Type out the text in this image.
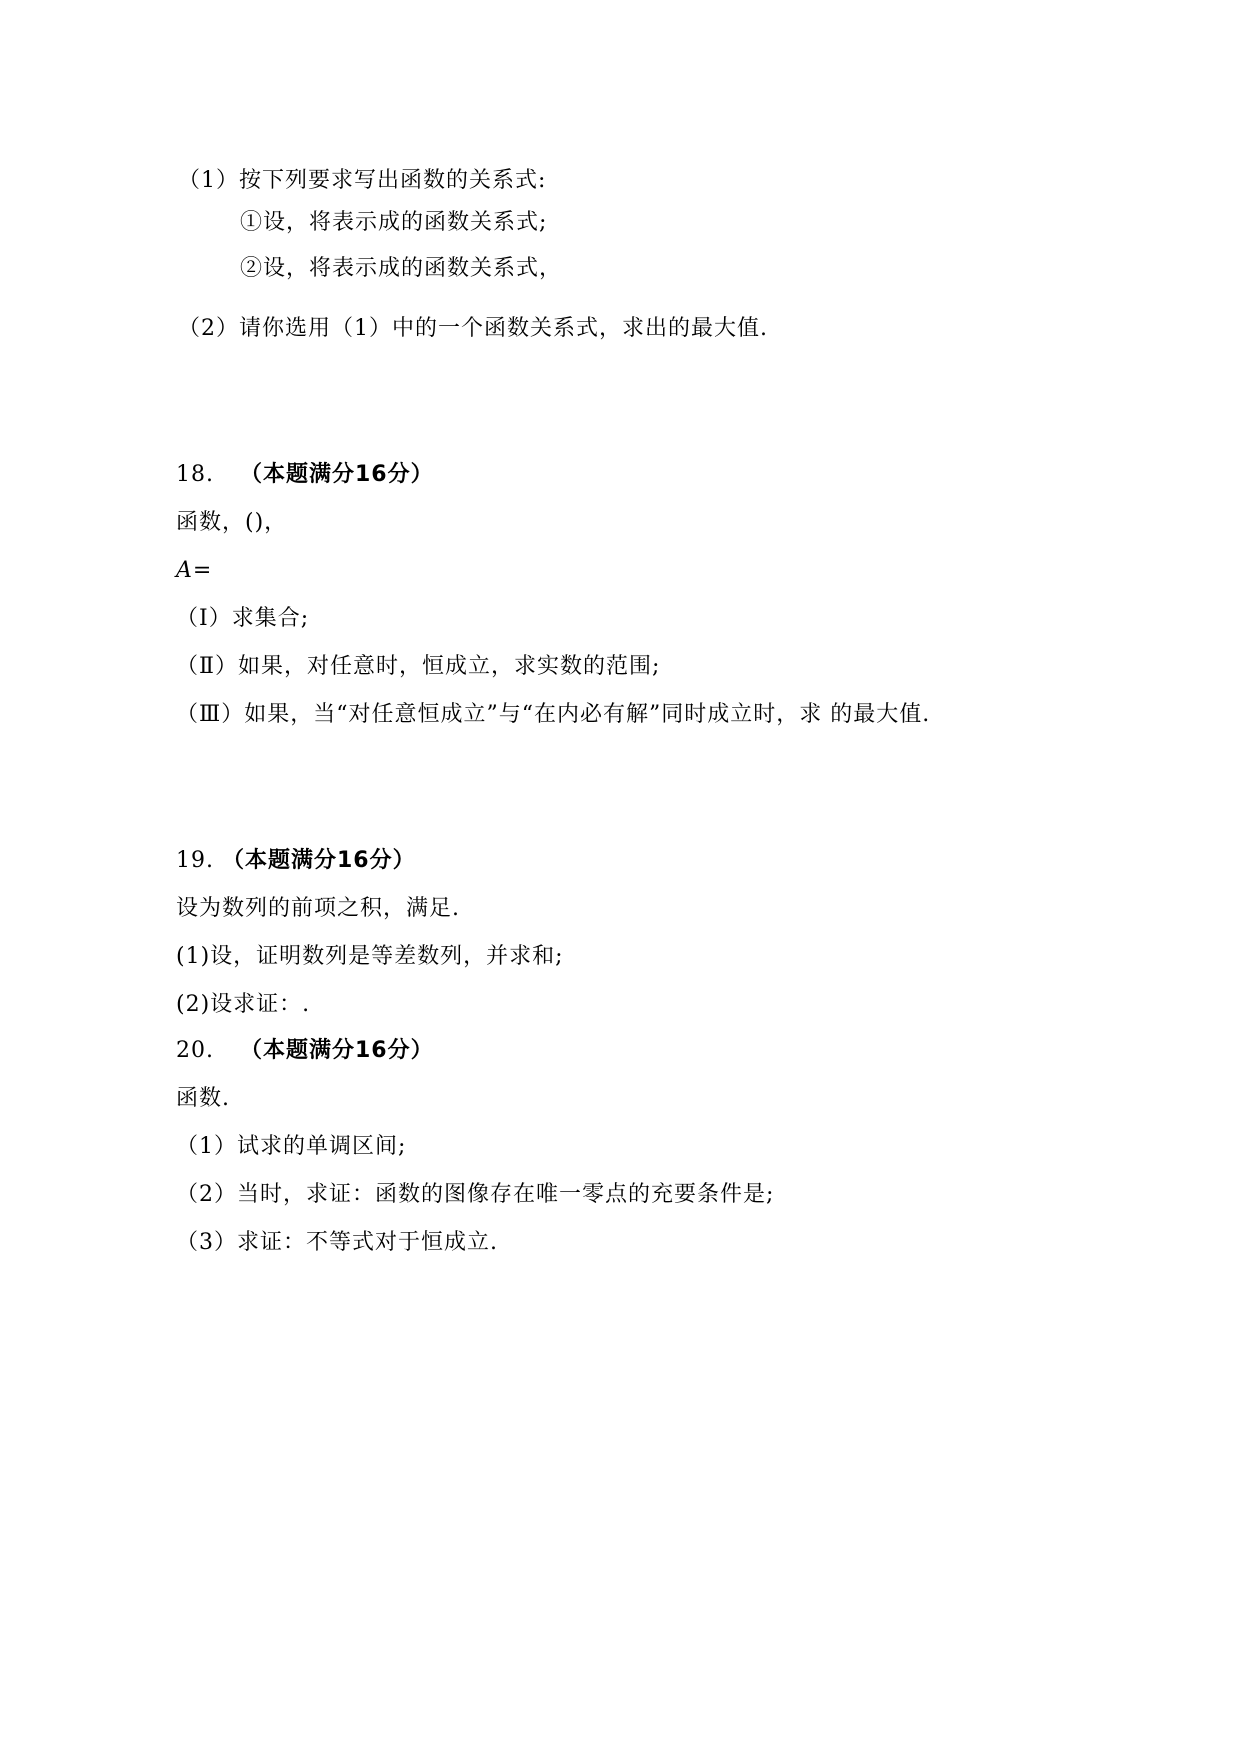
（1）按下列要求写出函数的关系式:
①设，将表示成的函数关系式;
②设，将表示成的函数关系式，
（2）请你选用（1）中的一个函数关系式，求出的最大值.
18. （本题满分16分）
函数，()，
A=
（Ⅰ）求集合;
（Ⅱ）如果，对任意时，恒成立，求实数的范围;
（Ⅲ）如果，当“对任意恒成立”与“在内必有解”同时成立时，求 的最大值.
19. （本题满分16分）
设为数列的前项之积，满足.
(1)设，证明数列是等差数列，并求和;
(2)设求证：.
20. （本题满分16分）
函数.
（1）试求的单调区间;
（2）当时，求证：函数的图像存在唯一零点的充要条件是;
（3）求证：不等式对于恒成立.
